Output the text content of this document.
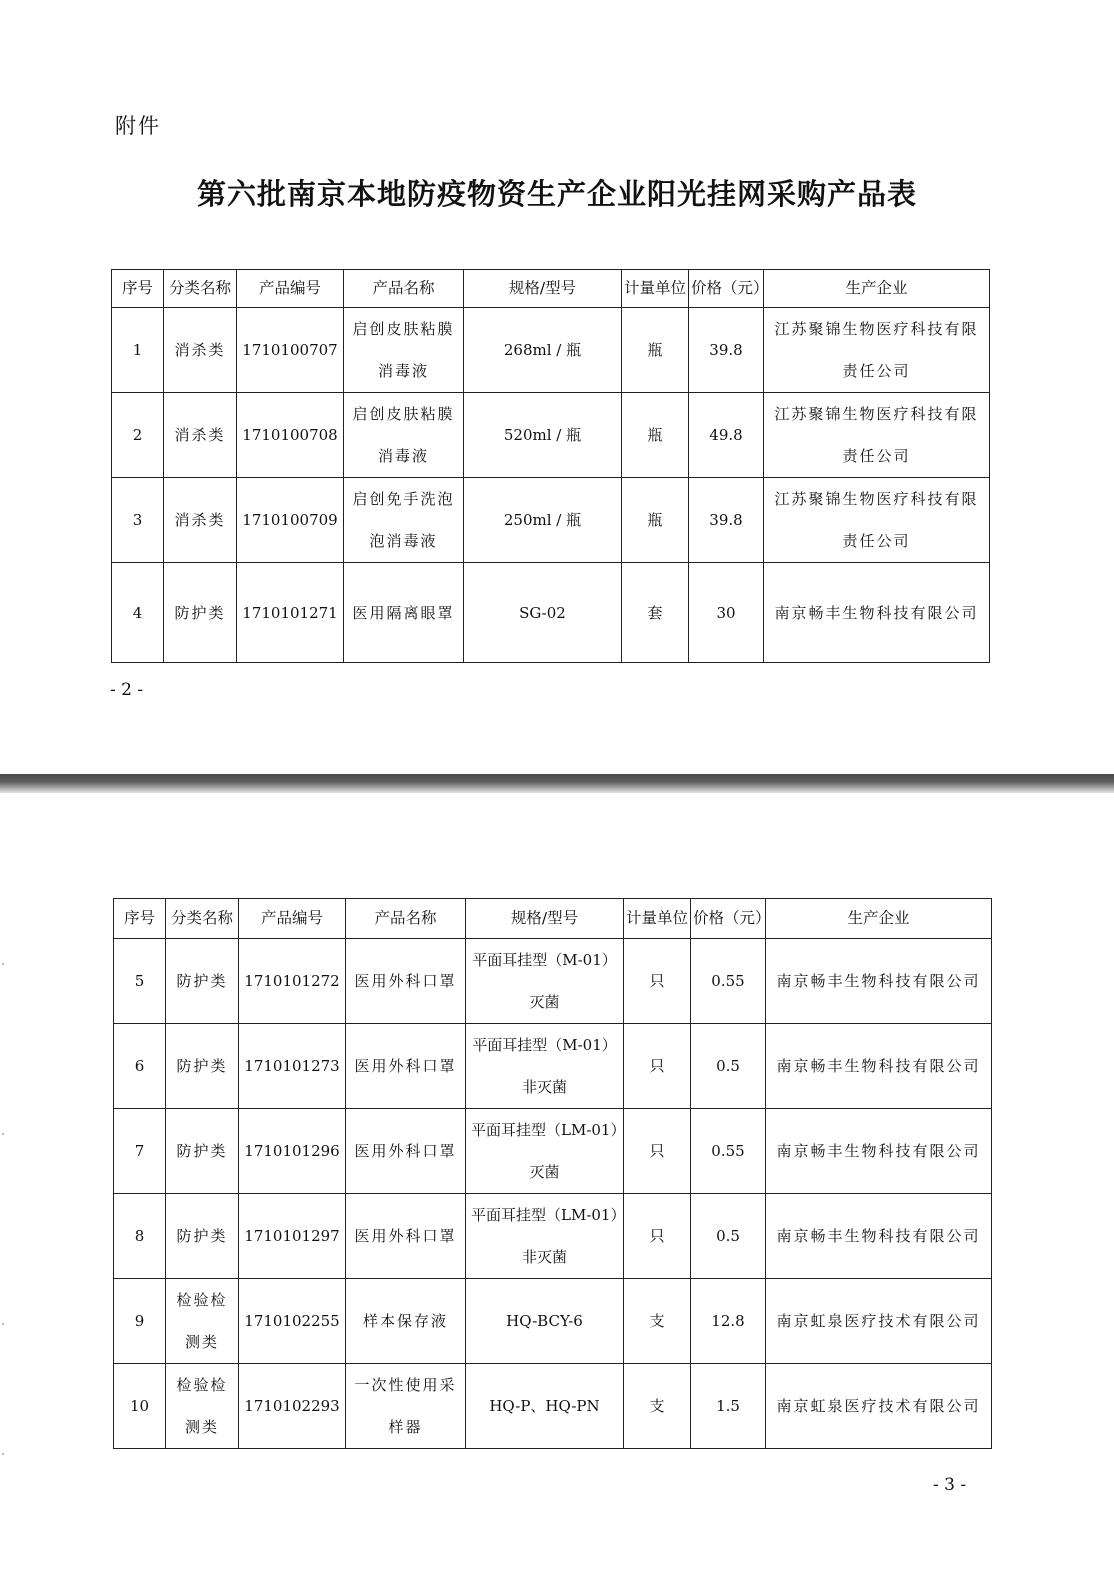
附件
第六批南京本地防疫物资生产企业阳光挂网采购产品表
序号	分类名称	产品编号	产品名称	规格/型号	计量单位	价格（元）	生产企业
1	消杀类	1710100707	启创皮肤粘膜消毒液	268ml / 瓶	瓶	39.8	江苏聚锦生物医疗科技有限责任公司
2	消杀类	1710100708	启创皮肤粘膜消毒液	520ml / 瓶	瓶	49.8	江苏聚锦生物医疗科技有限责任公司
3	消杀类	1710100709	启创免手洗泡泡消毒液	250ml / 瓶	瓶	39.8	江苏聚锦生物医疗科技有限责任公司
4	防护类	1710101271	医用隔离眼罩	SG-02	套	30	南京畅丰生物科技有限公司
- 2 -
序号	分类名称	产品编号	产品名称	规格/型号	计量单位	价格（元）	生产企业
5	防护类	1710101272	医用外科口罩	平面耳挂型（M-01）灭菌	只	0.55	南京畅丰生物科技有限公司
6	防护类	1710101273	医用外科口罩	平面耳挂型（M-01）非灭菌	只	0.5	南京畅丰生物科技有限公司
7	防护类	1710101296	医用外科口罩	平面耳挂型（LM-01）灭菌	只	0.55	南京畅丰生物科技有限公司
8	防护类	1710101297	医用外科口罩	平面耳挂型（LM-01）非灭菌	只	0.5	南京畅丰生物科技有限公司
9	检验检测类	1710102255	样本保存液	HQ-BCY-6	支	12.8	南京虹泉医疗技术有限公司
10	检验检测类	1710102293	一次性使用采样器	HQ-P、HQ-PN	支	1.5	南京虹泉医疗技术有限公司
- 3 -
